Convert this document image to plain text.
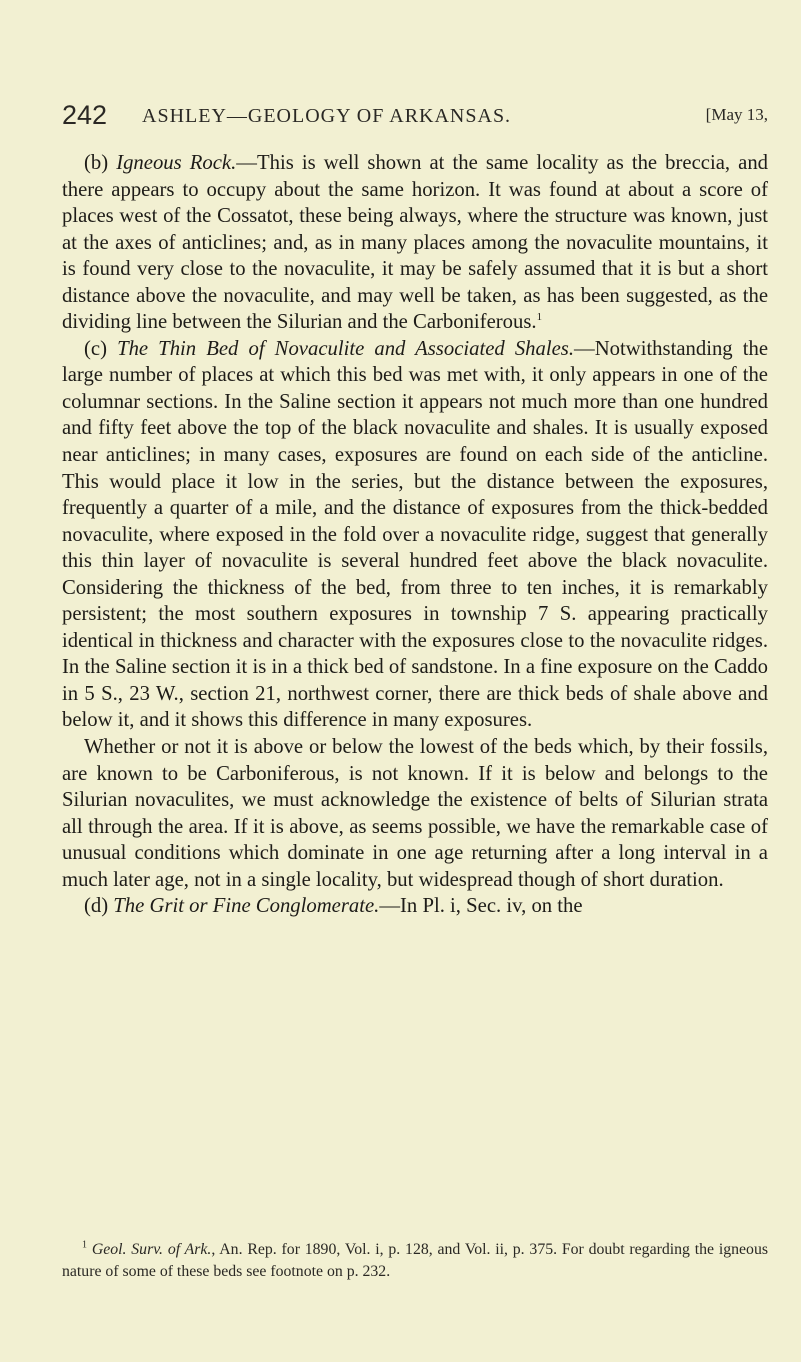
242 ASHLEY—GEOLOGY OF ARKANSAS.	[May 13,

(b) Igneous Rock.—This is well shown at the same locality as the breccia, and there appears to occupy about the same horizon. It was found at about a score of places west of the Cossatot, these being always, where the structure was known, just at the axes of anticlines; and, as in many places among the novaculite mountains, it is found very close to the novaculite, it may be safely assumed that it is but a short distance above the novaculite, and may well be taken, as has been suggested, as the dividing line between the Silurian and the Carboniferous.$^1$

(c) The Thin Bed of Novaculite and Associated Shales.—Notwithstanding the large number of places at which this bed was met with, it only appears in one of the columnar sections. In the Saline section it appears not much more than one hundred and fifty feet above the top of the black novaculite and shales. It is usually exposed near anticlines; in many cases, exposures are found on each side of the anticline. This would place it low in the series, but the distance between the exposures, frequently a quarter of a mile, and the distance of exposures from the thick-bedded novaculite, where exposed in the fold over a novaculite ridge, suggest that generally this thin layer of novaculite is several hundred feet above the black novaculite. Considering the thickness of the bed, from three to ten inches, it is remarkably persistent; the most southern exposures in township 7 S. appearing practically identical in thickness and character with the exposures close to the novaculite ridges. In the Saline section it is in a thick bed of sandstone. In a fine exposure on the Caddo in 5 S., 23 W., section 21, northwest corner, there are thick beds of shale above and below it, and it shows this difference in many exposures.

Whether or not it is above or below the lowest of the beds which, by their fossils, are known to be Carboniferous, is not known. If it is below and belongs to the Silurian novaculites, we must acknowledge the existence of belts of Silurian strata all through the area. If it is above, as seems possible, we have the remarkable case of unusual conditions which dominate in one age returning after a long interval in a much later age, not in a single locality, but widespread though of short duration.

(d) The Grit or Fine Conglomerate.—In Pl. i, Sec. iv, on the

$^1$ Geol. Surv. of Ark., An. Rep. for 1890, Vol. i, p. 128, and Vol. ii, p. 375. For doubt regarding the igneous nature of some of these beds see footnote on p. 232.
